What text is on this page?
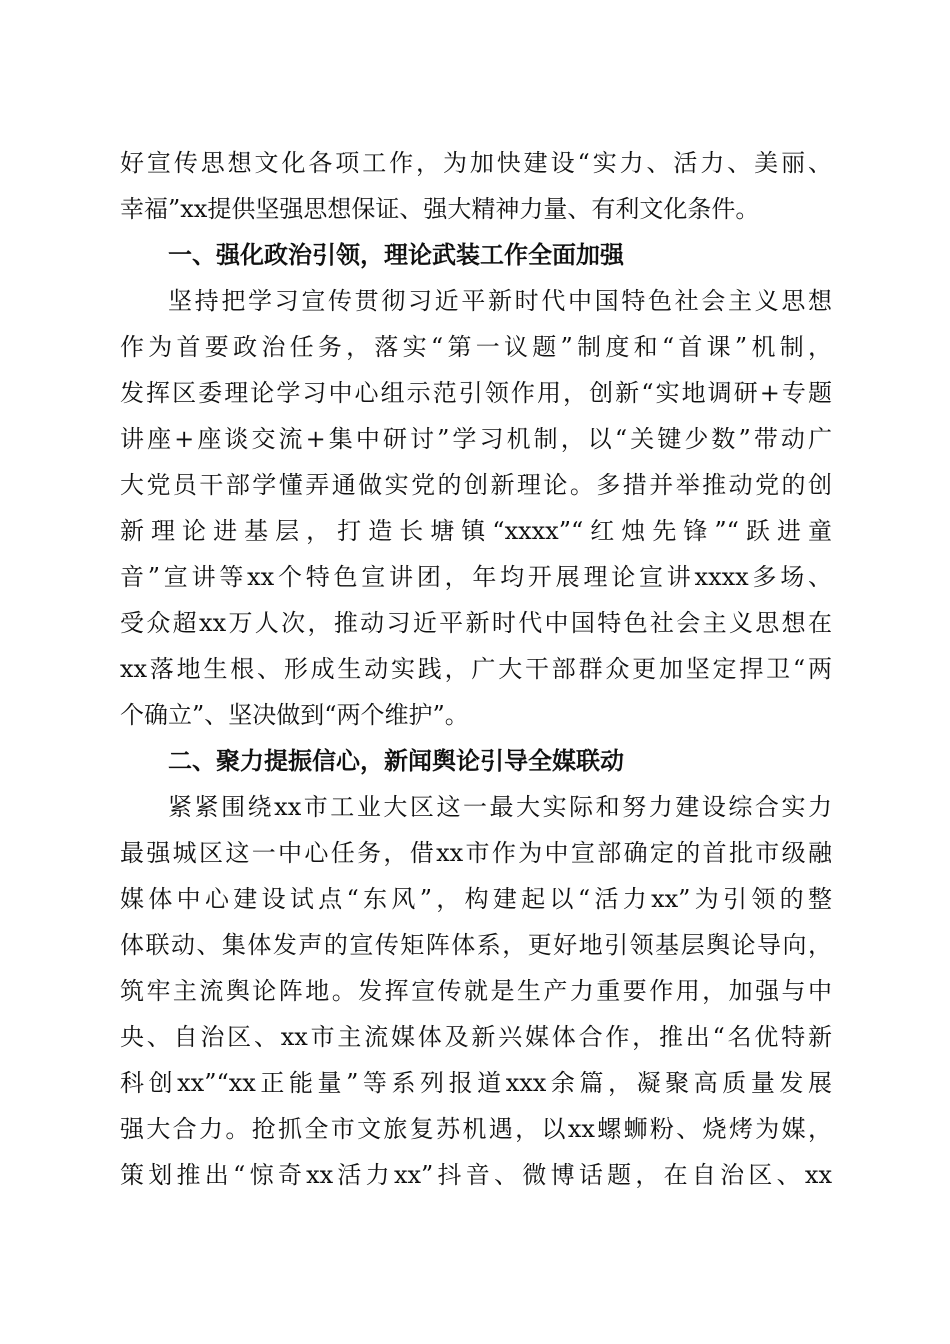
好宣传思想文化各项工作，为加快建设“实力、活力、美丽、
幸福”xx提供坚强思想保证、强大精神力量、有利文化条件。
一、强化政治引领，理论武装工作全面加强
坚持把学习宣传贯彻习近平新时代中国特色社会主义思想
作为首要政治任务，落实“第一议题”制度和“首课”机制，
发挥区委理论学习中心组示范引领作用，创新“实地调研+专题
讲座+座谈交流+集中研讨”学习机制，以“关键少数”带动广
大党员干部学懂弄通做实党的创新理论。多措并举推动党的创
新理论进基层，打造长塘镇“xxxx”“红烛先锋”“跃进童
音”宣讲等xx个特色宣讲团，年均开展理论宣讲xxxx多场、
受众超xx万人次，推动习近平新时代中国特色社会主义思想在
xx落地生根、形成生动实践，广大干部群众更加坚定捍卫“两
个确立”、坚决做到“两个维护”。
二、聚力提振信心，新闻舆论引导全媒联动
紧紧围绕xx市工业大区这一最大实际和努力建设综合实力
最强城区这一中心任务，借xx市作为中宣部确定的首批市级融
媒体中心建设试点“东风”，构建起以“活力xx”为引领的整
体联动、集体发声的宣传矩阵体系，更好地引领基层舆论导向，
筑牢主流舆论阵地。发挥宣传就是生产力重要作用，加强与中
央、自治区、xx市主流媒体及新兴媒体合作，推出“名优特新
科创xx”“xx正能量”等系列报道xxx余篇，凝聚高质量发展
强大合力。抢抓全市文旅复苏机遇，以xx螺蛳粉、烧烤为媒，
策划推出“惊奇xx活力xx”抖音、微博话题，在自治区、xx
